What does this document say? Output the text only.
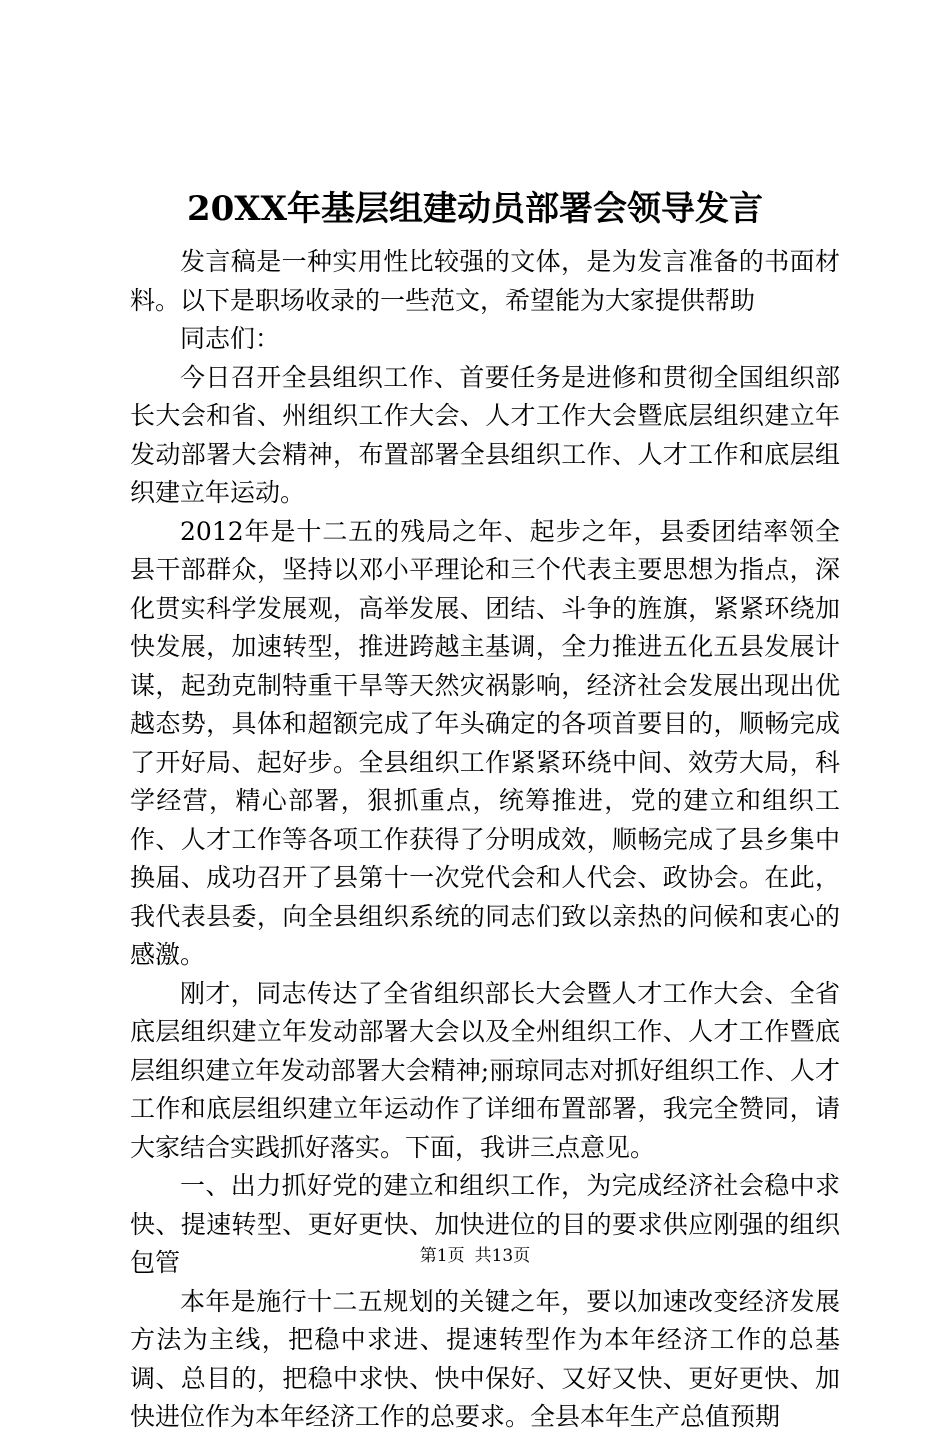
20XX年基层组建动员部署会领导发言

发言稿是一种实用性比较强的文体，是为发言准备的书面材料。以下是职场收录的一些范文，希望能为大家提供帮助

同志们：

今日召开全县组织工作、首要任务是进修和贯彻全国组织部长大会和省、州组织工作大会、人才工作大会暨底层组织建立年发动部署大会精神，布置部署全县组织工作、人才工作和底层组织建立年运动。

2012年是十二五的残局之年、起步之年，县委团结率领全县干部群众，坚持以邓小平理论和三个代表主要思想为指点，深化贯实科学发展观，高举发展、团结、斗争的旌旗，紧紧环绕加快发展，加速转型，推进跨越主基调，全力推进五化五县发展计谋，起劲克制特重干旱等天然灾祸影响，经济社会发展出现出优越态势，具体和超额完成了年头确定的各项首要目的，顺畅完成了开好局、起好步。全县组织工作紧紧环绕中间、效劳大局，科学经营，精心部署，狠抓重点，统筹推进，党的建立和组织工作、人才工作等各项工作获得了分明成效，顺畅完成了县乡集中换届、成功召开了县第十一次党代会和人代会、政协会。在此，我代表县委，向全县组织系统的同志们致以亲热的问候和衷心的感激。

刚才，同志传达了全省组织部长大会暨人才工作大会、全省底层组织建立年发动部署大会以及全州组织工作、人才工作暨底层组织建立年发动部署大会精神;丽琼同志对抓好组织工作、人才工作和底层组织建立年运动作了详细布置部署，我完全赞同，请大家结合实践抓好落实。下面，我讲三点意见。

一、出力抓好党的建立和组织工作，为完成经济社会稳中求快、提速转型、更好更快、加快进位的目的要求供应刚强的组织包管

本年是施行十二五规划的关键之年，要以加速改变经济发展方法为主线，把稳中求进、提速转型作为本年经济工作的总基调、总目的，把稳中求快、快中保好、又好又快、更好更快、加快进位作为本年经济工作的总要求。全县本年生产总值预期

第1页 共13页
